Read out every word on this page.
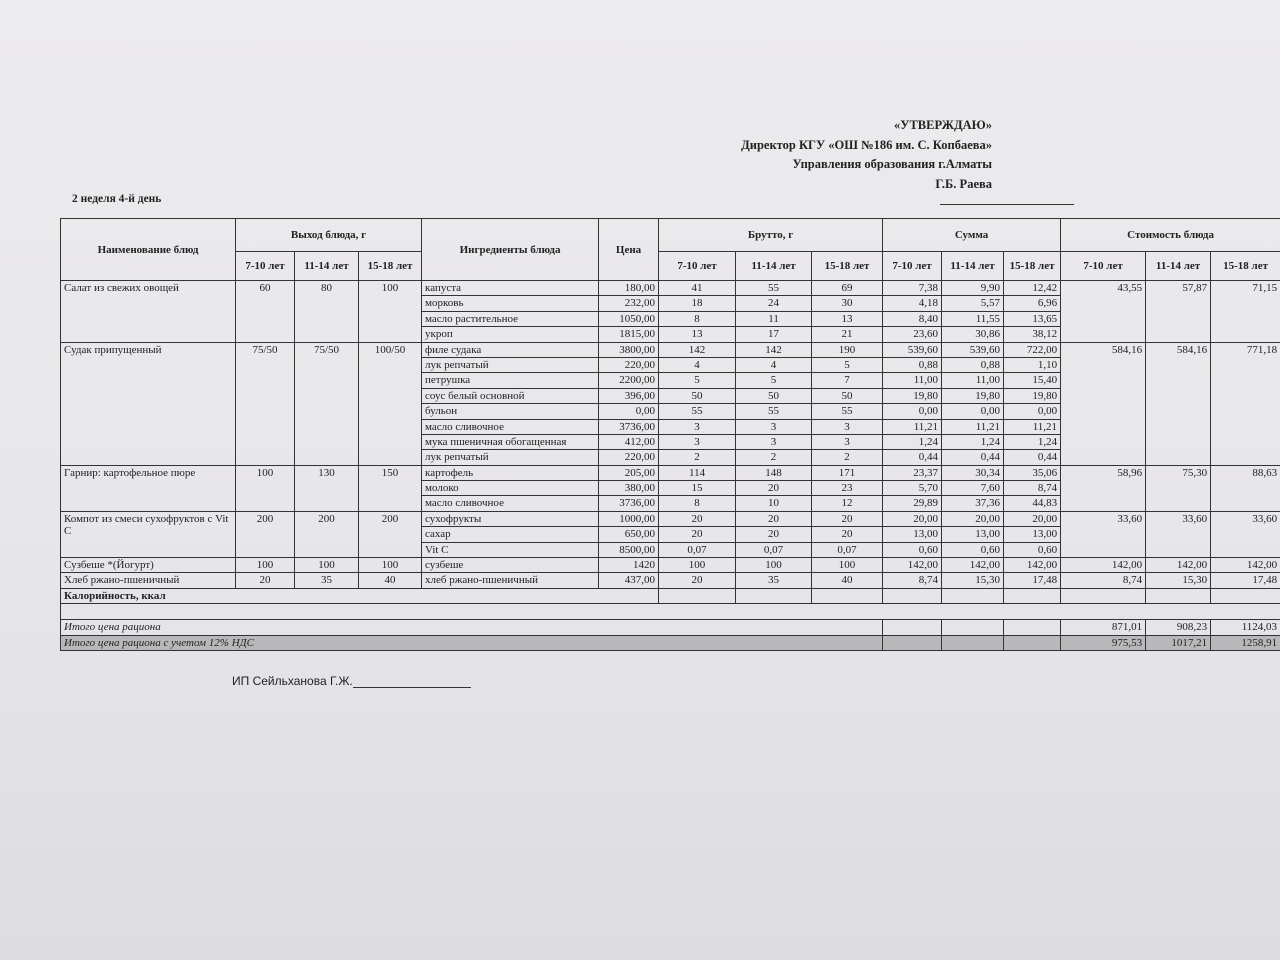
«УТВЕРЖДАЮ»
Директор КГУ «ОШ №186 им. С. Копбаева»
Управления образования г.Алматы
Г.Б. Раева
2 неделя 4-й день
Наименование блюд	Выход блюда, г			Ингредиенты блюда	Цена	Брутто, г			Сумма			Стоимость блюда		
	7-10 лет	11-14 лет	15-18 лет			7-10 лет	11-14 лет	15-18 лет	7-10 лет	11-14 лет	15-18 лет	7-10 лет	11-14 лет	15-18 лет
Салат из свежих овощей	60	80	100	капуста	180,00	41	55	69	7,38	9,90	12,42	43,55	57,87	71,15
				морковь	232,00	18	24	30	4,18	5,57	6,96			
				масло растительное	1050,00	8	11	13	8,40	11,55	13,65			
				укроп	1815,00	13	17	21	23,60	30,86	38,12			
Судак припущенный	75/50	75/50	100/50	филе судака	3800,00	142	142	190	539,60	539,60	722,00	584,16	584,16	771,18
				лук репчатый	220,00	4	4	5	0,88	0,88	1,10			
				петрушка	2200,00	5	5	7	11,00	11,00	15,40			
				соус белый основной	396,00	50	50	50	19,80	19,80	19,80			
				бульон	0,00	55	55	55	0,00	0,00	0,00			
				масло сливочное	3736,00	3	3	3	11,21	11,21	11,21			
				мука пшеничная обогащенная	412,00	3	3	3	1,24	1,24	1,24			
				лук репчатый	220,00	2	2	2	0,44	0,44	0,44			
Гарнир: картофельное пюре	100	130	150	картофель	205,00	114	148	171	23,37	30,34	35,06	58,96	75,30	88,63
				молоко	380,00	15	20	23	5,70	7,60	8,74			
				масло сливочное	3736,00	8	10	12	29,89	37,36	44,83			
Компот из смеси сухофруктов с Vit C	200	200	200	сухофрукты	1000,00	20	20	20	20,00	20,00	20,00	33,60	33,60	33,60
				сахар	650,00	20	20	20	13,00	13,00	13,00			
				Vit C	8500,00	0,07	0,07	0,07	0,60	0,60	0,60			
Сузбеше *(Йогурт)	100	100	100	сузбеше	1420	100	100	100	142,00	142,00	142,00	142,00	142,00	142,00
Хлеб ржано-пшеничный	20	35	40	хлеб ржано-пшеничный	437,00	20	35	40	8,74	15,30	17,48	8,74	15,30	17,48
Калорийность, ккал														

Итого цена рациона												871,01	908,23	1124,03
Итого цена рациона с учетом 12% НДС												975,53	1017,21	1258,91
ИП Сейльханова Г.Ж.
